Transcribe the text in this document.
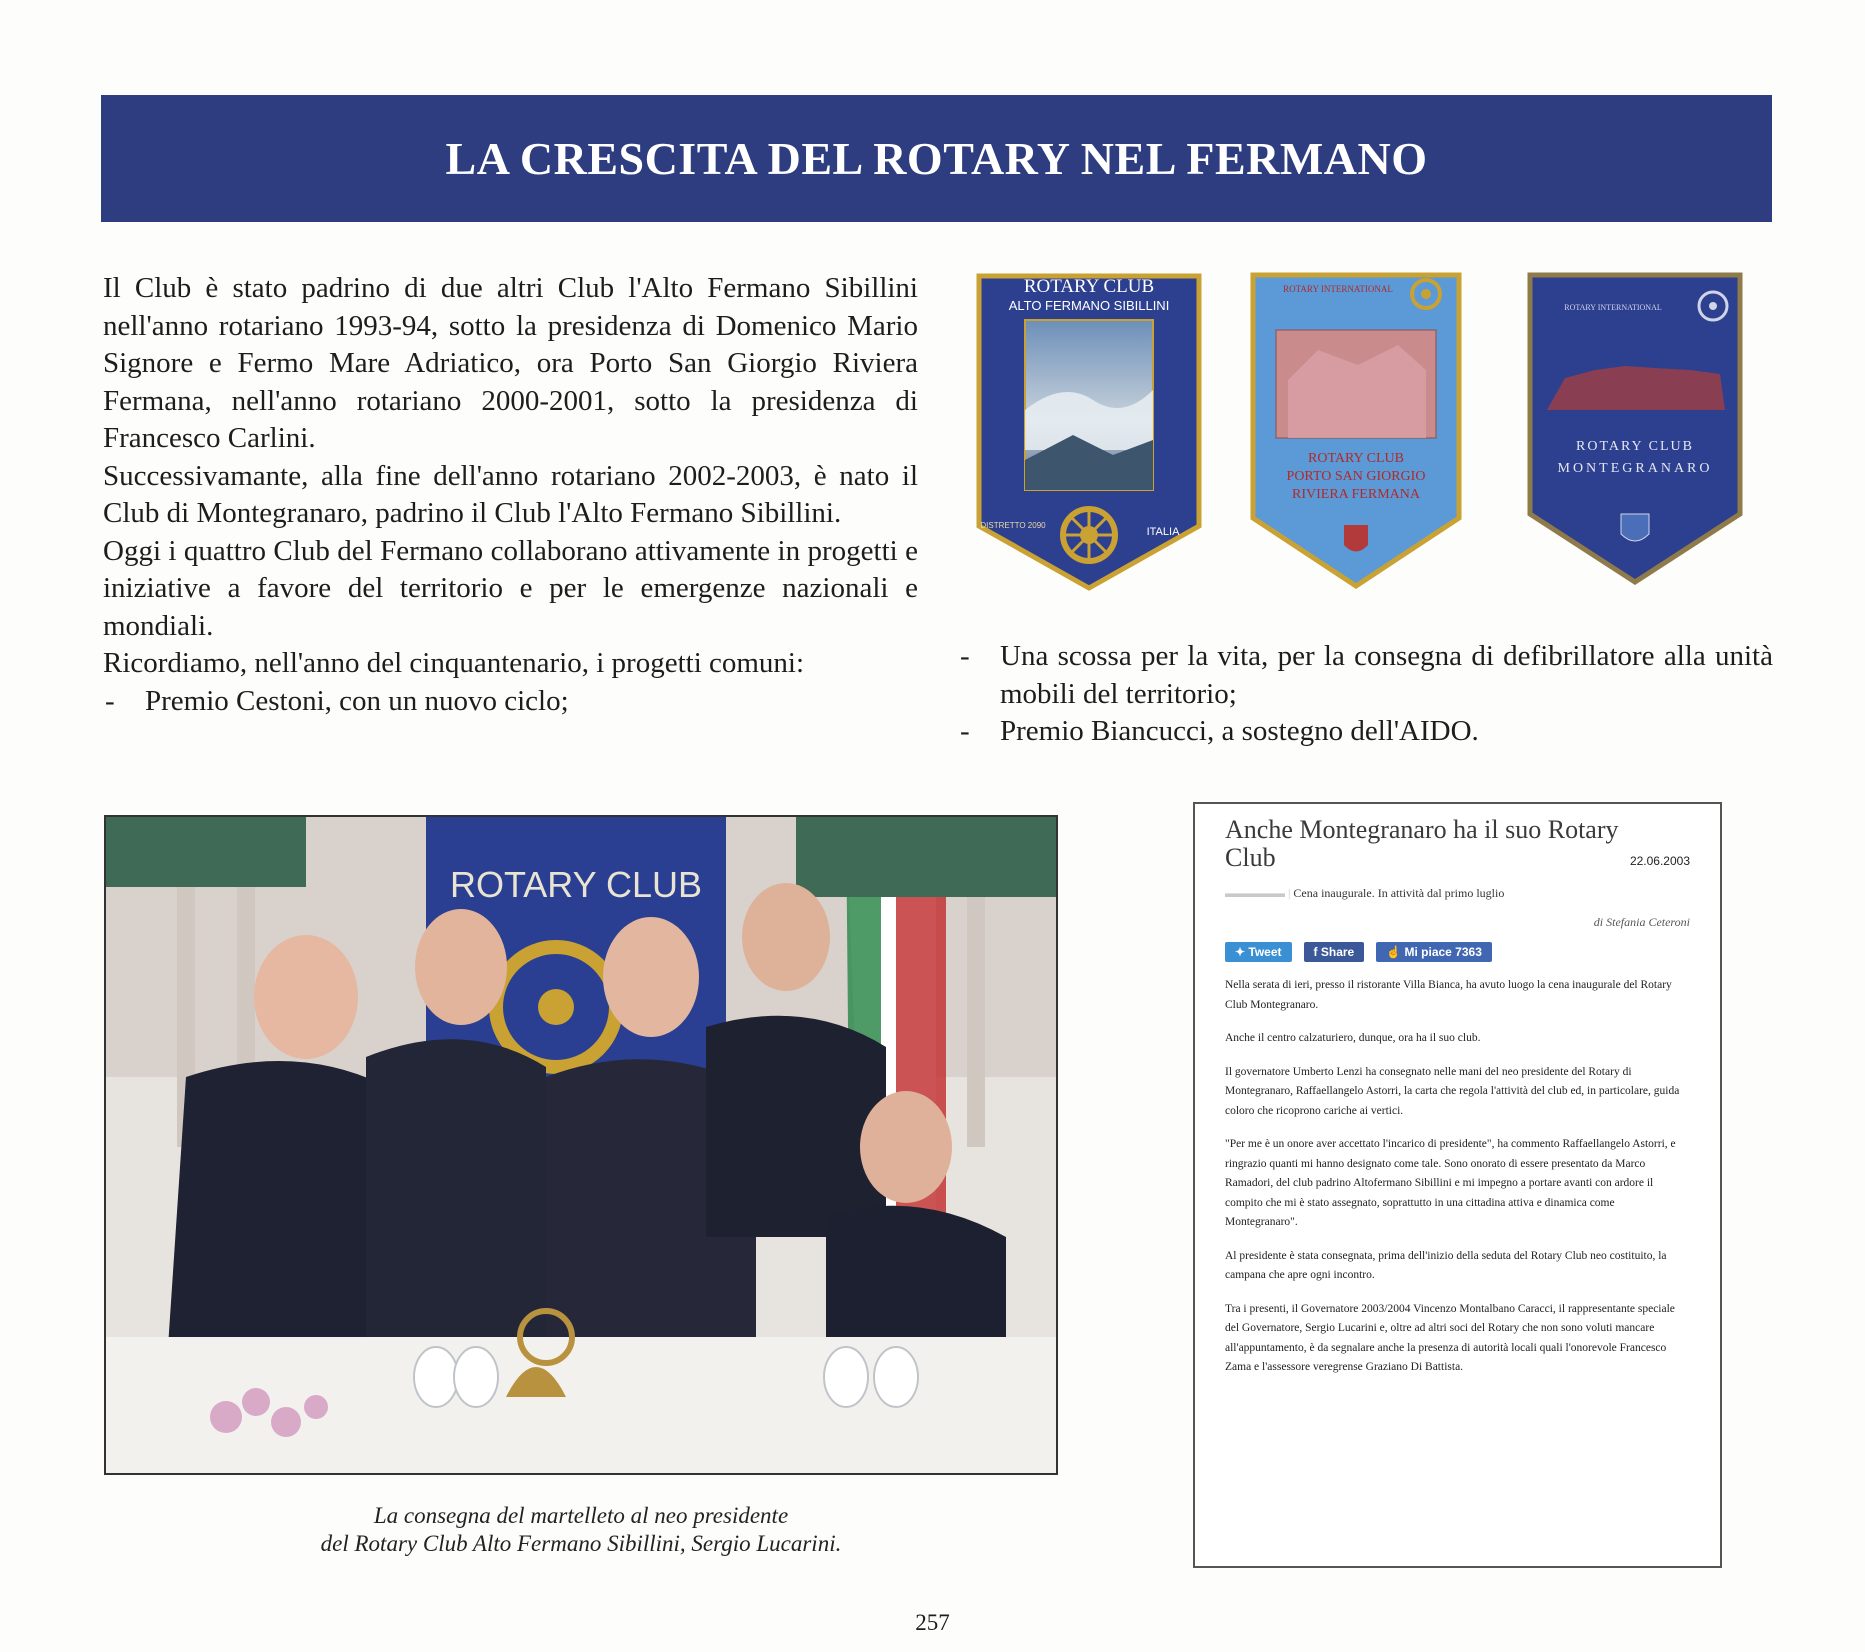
LA CRESCITA DEL ROTARY NEL FERMANO

Il Club è stato padrino di due altri Club l'Alto Fermano Sibillini nell'anno rotariano 1993-94, sotto la presidenza di Domenico Mario Signore e Fermo Mare Adriatico, ora Porto San Giorgio Riviera Fermana, nell'anno rotariano 2000-2001, sotto la presidenza di Francesco Carlini.

Successivamante, alla fine dell'anno rotariano 2002-2003, è nato il Club di Montegranaro, padrino il Club l'Alto Fermano Sibillini.

Oggi i quattro Club del Fermano collaborano attivamente in progetti e iniziative a favore del territorio e per le emergenze nazionali e mondiali.

Ricordiamo, nell'anno del cinquantenario, i progetti comuni:

- Premio Cestoni, con un nuovo ciclo;
- Una scossa per la vita, per la consegna di defibrillatore alla unità mobili del territorio;
- Premio Biancucci, a sostegno dell'AIDO.
ROTARY CLUB
ALTO FERMANO SIBILLINI
DISTRETTO 2090
ITALIA
ROTARY INTERNATIONAL
ROTARY CLUB
PORTO SAN GIORGIO
RIVIERA FERMANA
ROTARY INTERNATIONAL
ROTARY CLUB
MONTEGRANARO
ROTARY CLUB
La consegna del martelleto al neo presidente
del Rotary Club Alto Fermano Sibillini, Sergio Lucarini.
Anche Montegranaro ha il suo Rotary Club	22.06.2003
▬▬▬▬▬ | Cena inaugurale. In attività dal primo luglio
di Stefania Ceteroni
✦ Tweet	f Share	☝ Mi piace 7363

Nella serata di ieri, presso il ristorante Villa Bianca, ha avuto luogo la cena inaugurale del Rotary Club Montegranaro.

Anche il centro calzaturiero, dunque, ora ha il suo club.

Il governatore Umberto Lenzi ha consegnato nelle mani del neo presidente del Rotary di Montegranaro, Raffaellangelo Astorri, la carta che regola l'attività del club ed, in particolare, guida coloro che ricoprono cariche ai vertici.

"Per me è un onore aver accettato l'incarico di presidente", ha commento Raffaellangelo Astorri, e ringrazio quanti mi hanno designato come tale. Sono onorato di essere presentato da Marco Ramadori, del club padrino Altofermano Sibillini e mi impegno a portare avanti con ardore il compito che mi è stato assegnato, soprattutto in una cittadina attiva e dinamica come Montegranaro".

Al presidente è stata consegnata, prima dell'inizio della seduta del Rotary Club neo costituito, la campana che apre ogni incontro.

Tra i presenti, il Governatore 2003/2004 Vincenzo Montalbano Caracci, il rappresentante speciale del Governatore, Sergio Lucarini e, oltre ad altri soci del Rotary che non sono voluti mancare all'appuntamento, è da segnalare anche la presenza di autorità locali quali l'onorevole Francesco Zama e l'assessore veregrense Graziano Di Battista.

257
